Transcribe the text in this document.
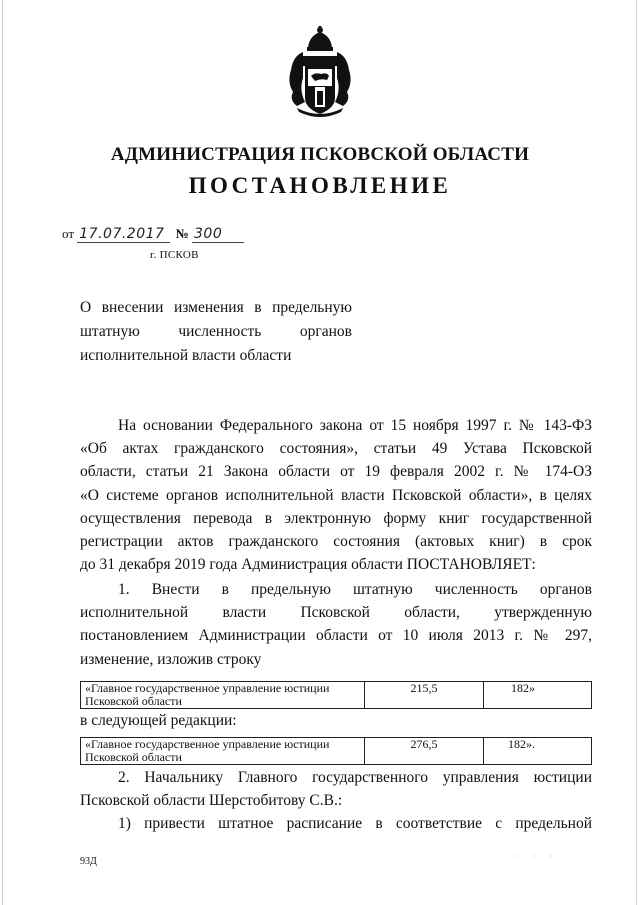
АДМИНИСТРАЦИЯ ПСКОВСКОЙ ОБЛАСТИ
ПОСТАНОВЛЕНИЕ
от 17.07.2017 № 300
г. ПСКОВ
О внесении изменения в предельную
штатную численность органов
исполнительной власти области
На основании Федерального закона от 15 ноября 1997 г. № 143-ФЗ
«Об актах гражданского состояния», статьи 49 Устава Псковской
области, статьи 21 Закона области от 19 февраля 2002 г. № 174-ОЗ
«О системе органов исполнительной власти Псковской области», в целях
осуществления перевода в электронную форму книг государственной
регистрации актов гражданского состояния (актовых книг) в срок
до 31 декабря 2019 года Администрация области ПОСТАНОВЛЯЕТ:
1. Внести в предельную штатную численность органов
исполнительной власти Псковской области, утвержденную
постановлением Администрации области от 10 июля 2013 г. № 297,
изменение, изложив строку
«Главное государственное управление юстиции Псковской области	215,5	182»
в следующей редакции:
«Главное государственное управление юстиции Псковской области	276,5	182».
2. Начальнику Главного государственного управления юстиции
Псковской области Шерстобитову С.В.:
1) привести штатное расписание в соответствие с предельной
93Д	· · ·
